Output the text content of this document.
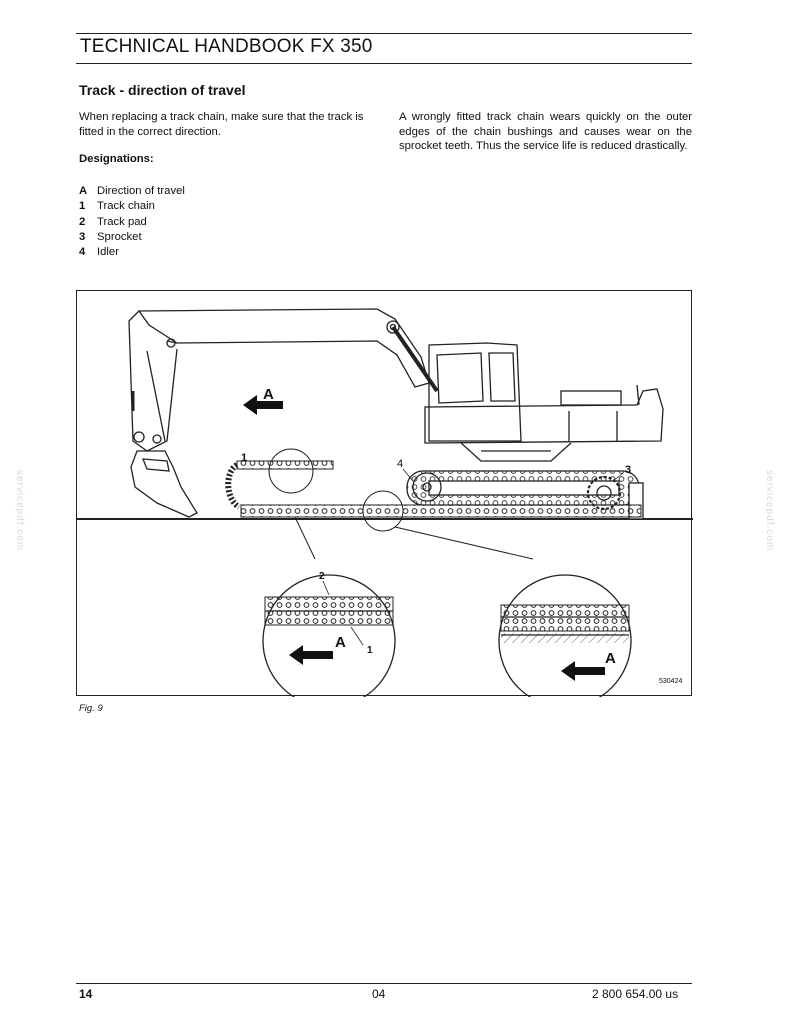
TECHNICAL HANDBOOK FX 350
Track - direction of travel
When replacing a track chain, make sure that the track is fitted in the correct direction.
A wrongly fitted track chain wears quickly on the outer edges of the chain bushings and causes wear on the sprocket teeth. Thus the service life is reduced drastically.
Designations:
A Direction of travel
1 Track chain
2 Track pad
3 Sprocket
4 Idler
A
1	4	3
2
1
A
A
530424
Fig. 9
14	04	2 800 654.00 us
servicepdf.com	servicepdf.com
